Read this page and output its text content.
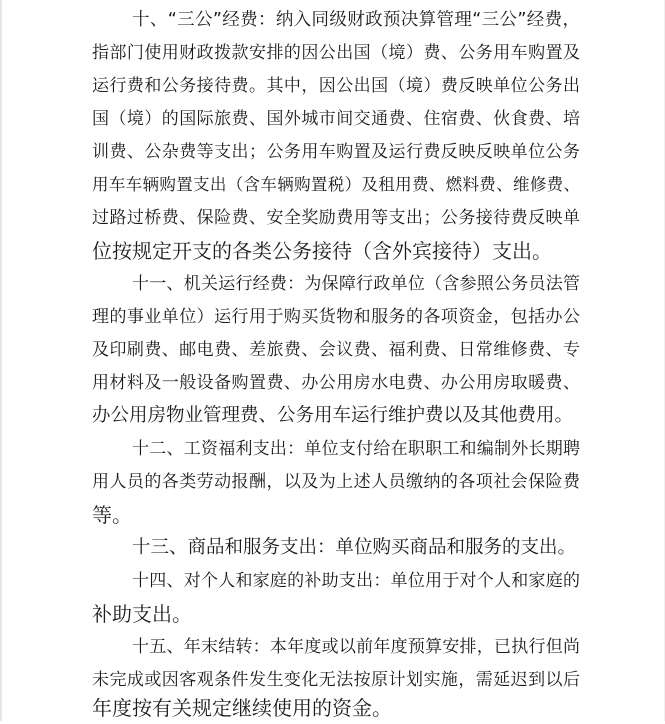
十、“三公”经费：纳入同级财政预决算管理“三公”经费，
指部门使用财政拨款安排的因公出国（境）费、公务用车购置及
运行费和公务接待费。其中，因公出国（境）费反映单位公务出
国（境）的国际旅费、国外城市间交通费、住宿费、伙食费、培
训费、公杂费等支出；公务用车购置及运行费反映反映单位公务
用车车辆购置支出（含车辆购置税）及租用费、燃料费、维修费、
过路过桥费、保险费、安全奖励费用等支出；公务接待费反映单
位按规定开支的各类公务接待（含外宾接待）支出。
十一、机关运行经费：为保障行政单位（含参照公务员法管
理的事业单位）运行用于购买货物和服务的各项资金，包括办公
及印刷费、邮电费、差旅费、会议费、福利费、日常维修费、专
用材料及一般设备购置费、办公用房水电费、办公用房取暖费、
办公用房物业管理费、公务用车运行维护费以及其他费用。
十二、工资福利支出：单位支付给在职职工和编制外长期聘
用人员的各类劳动报酬，以及为上述人员缴纳的各项社会保险费
等。
十三、商品和服务支出：单位购买商品和服务的支出。
十四、对个人和家庭的补助支出：单位用于对个人和家庭的
补助支出。
十五、年末结转：本年度或以前年度预算安排，已执行但尚
未完成或因客观条件发生变化无法按原计划实施，需延迟到以后
年度按有关规定继续使用的资金。
